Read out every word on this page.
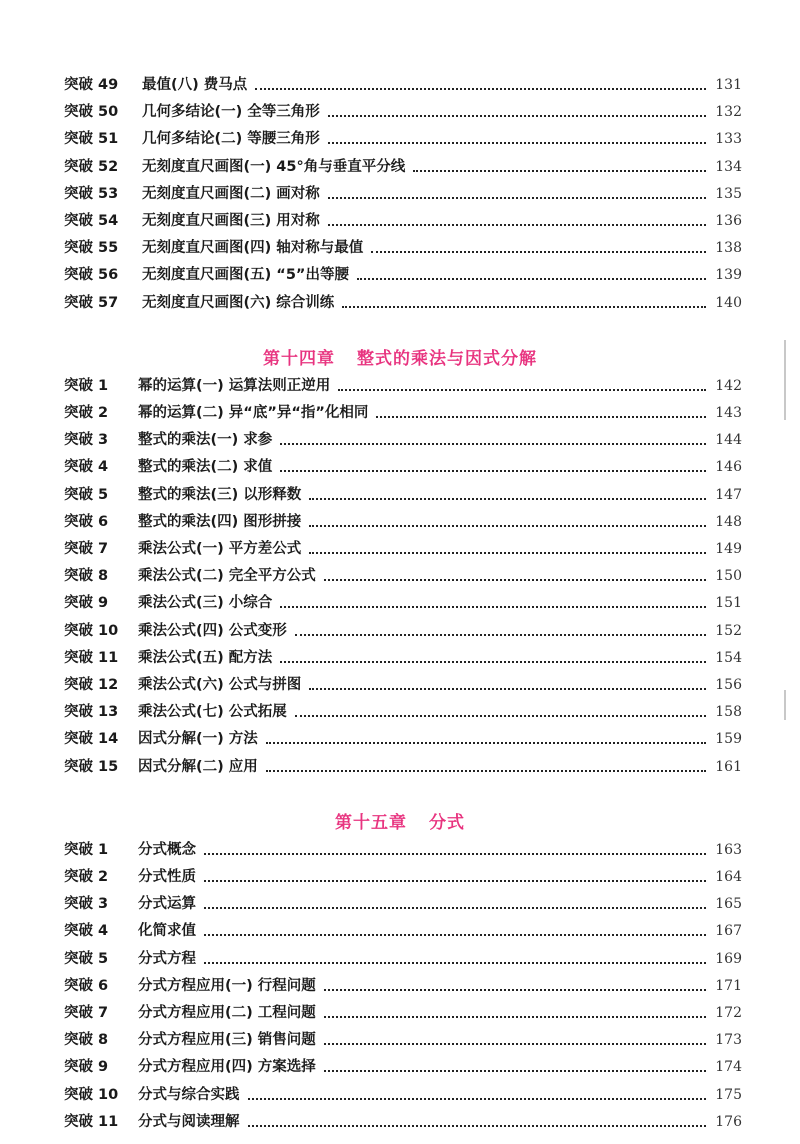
突破 49	最值(八) 费马点	131
突破 50	几何多结论(一) 全等三角形	132
突破 51	几何多结论(二) 等腰三角形	133
突破 52	无刻度直尺画图(一) 45°角与垂直平分线	134
突破 53	无刻度直尺画图(二) 画对称	135
突破 54	无刻度直尺画图(三) 用对称	136
突破 55	无刻度直尺画图(四) 轴对称与最值	138
突破 56	无刻度直尺画图(五) “5”出等腰	139
突破 57	无刻度直尺画图(六) 综合训练	140
第十四章 整式的乘法与因式分解
突破 1	幂的运算(一) 运算法则正逆用	142
突破 2	幂的运算(二) 异“底”异“指”化相同	143
突破 3	整式的乘法(一) 求参	144
突破 4	整式的乘法(二) 求值	146
突破 5	整式的乘法(三) 以形释数	147
突破 6	整式的乘法(四) 图形拼接	148
突破 7	乘法公式(一) 平方差公式	149
突破 8	乘法公式(二) 完全平方公式	150
突破 9	乘法公式(三) 小综合	151
突破 10	乘法公式(四) 公式变形	152
突破 11	乘法公式(五) 配方法	154
突破 12	乘法公式(六) 公式与拼图	156
突破 13	乘法公式(七) 公式拓展	158
突破 14	因式分解(一) 方法	159
突破 15	因式分解(二) 应用	161
第十五章 分式
突破 1	分式概念	163
突破 2	分式性质	164
突破 3	分式运算	165
突破 4	化简求值	167
突破 5	分式方程	169
突破 6	分式方程应用(一) 行程问题	171
突破 7	分式方程应用(二) 工程问题	172
突破 8	分式方程应用(三) 销售问题	173
突破 9	分式方程应用(四) 方案选择	174
突破 10	分式与综合实践	175
突破 11	分式与阅读理解	176
